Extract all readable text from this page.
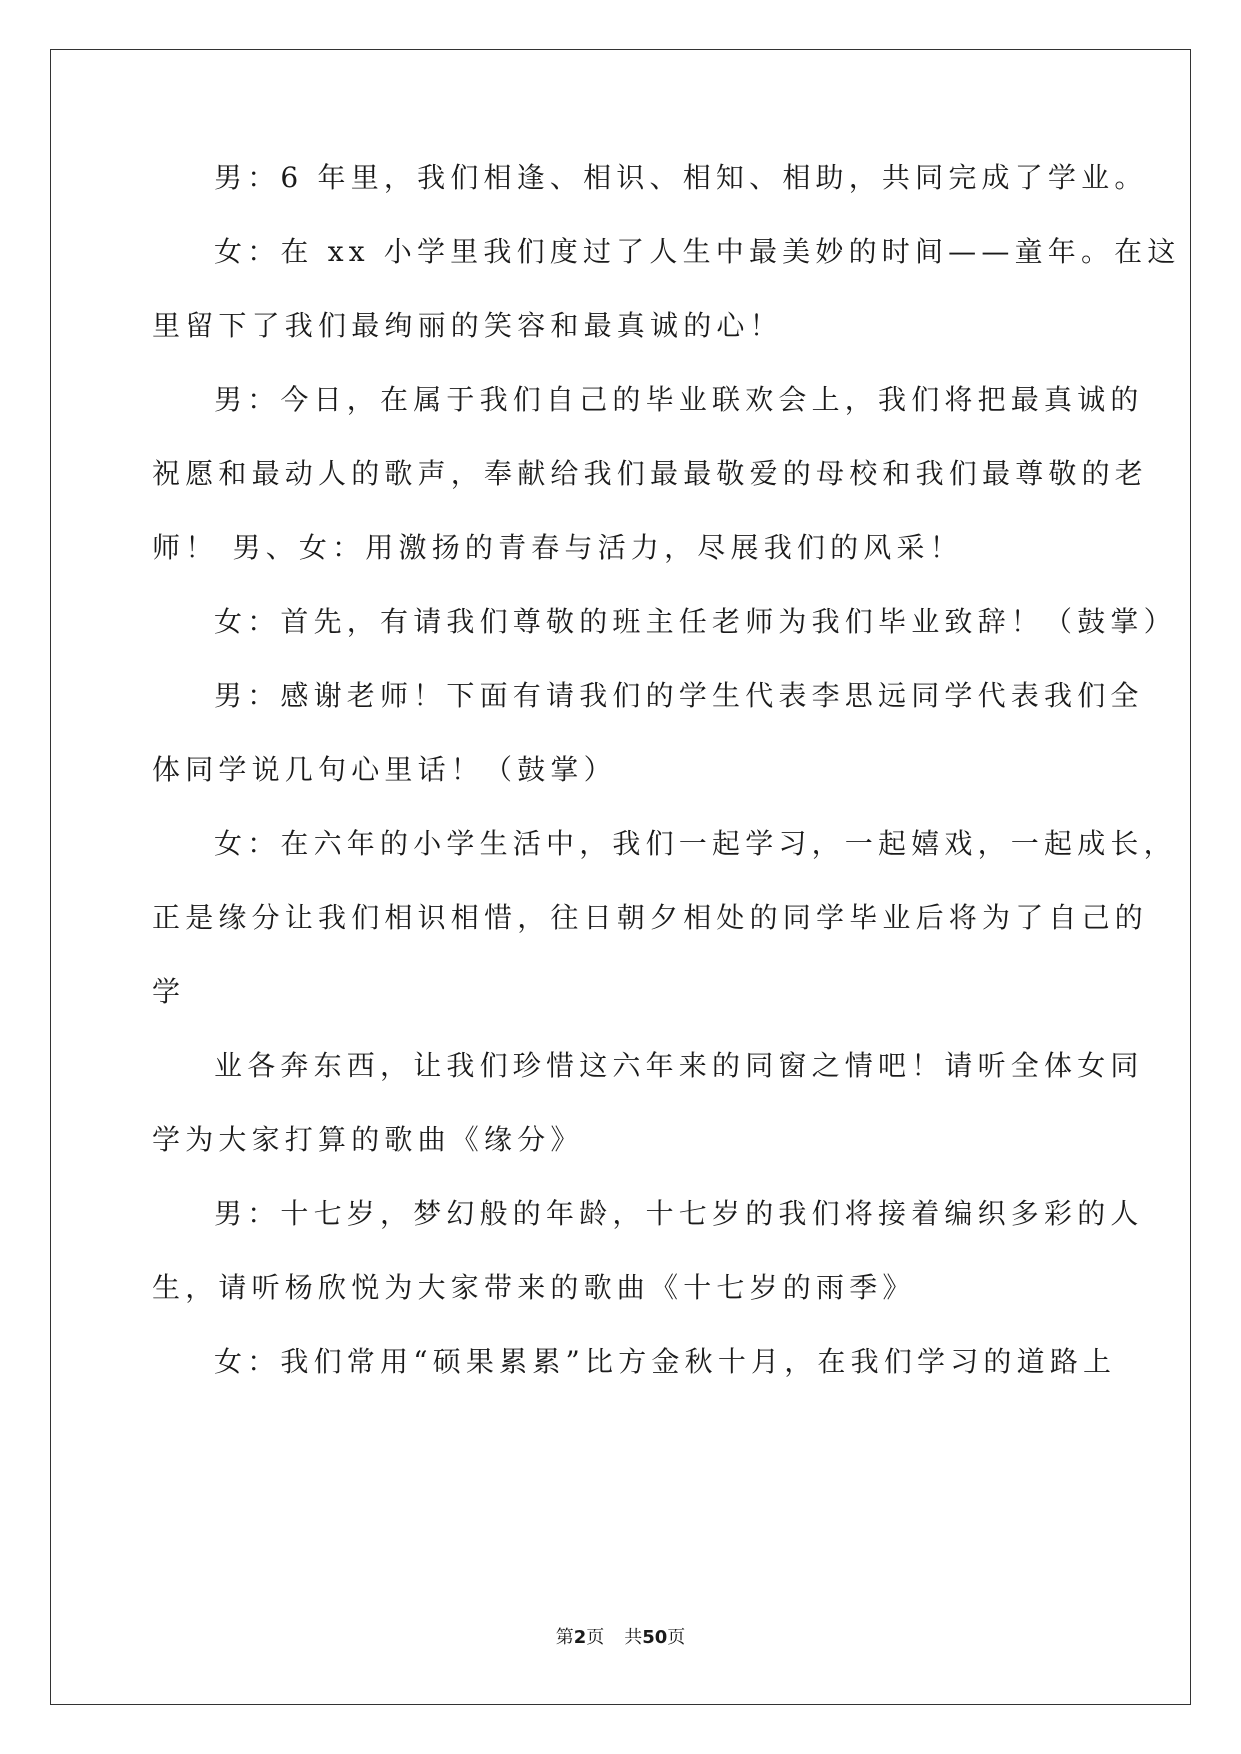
男：6 年里，我们相逢、相识、相知、相助，共同完成了学业。
女：在 xx 小学里我们度过了人生中最美妙的时间——童年。在这
里留下了我们最绚丽的笑容和最真诚的心！
男：今日，在属于我们自己的毕业联欢会上，我们将把最真诚的
祝愿和最动人的歌声，奉献给我们最最敬爱的母校和我们最尊敬的老
师！ 男、女：用激扬的青春与活力，尽展我们的风采！
女：首先，有请我们尊敬的班主任老师为我们毕业致辞！（鼓掌）
男：感谢老师！下面有请我们的学生代表李思远同学代表我们全
体同学说几句心里话！（鼓掌）
女：在六年的小学生活中，我们一起学习，一起嬉戏，一起成长，
正是缘分让我们相识相惜，往日朝夕相处的同学毕业后将为了自己的
学
业各奔东西，让我们珍惜这六年来的同窗之情吧！请听全体女同
学为大家打算的歌曲《缘分》
男：十七岁，梦幻般的年龄，十七岁的我们将接着编织多彩的人
生，请听杨欣悦为大家带来的歌曲《十七岁的雨季》
女：我们常用“硕果累累”比方金秋十月，在我们学习的道路上
第2页 共50页
